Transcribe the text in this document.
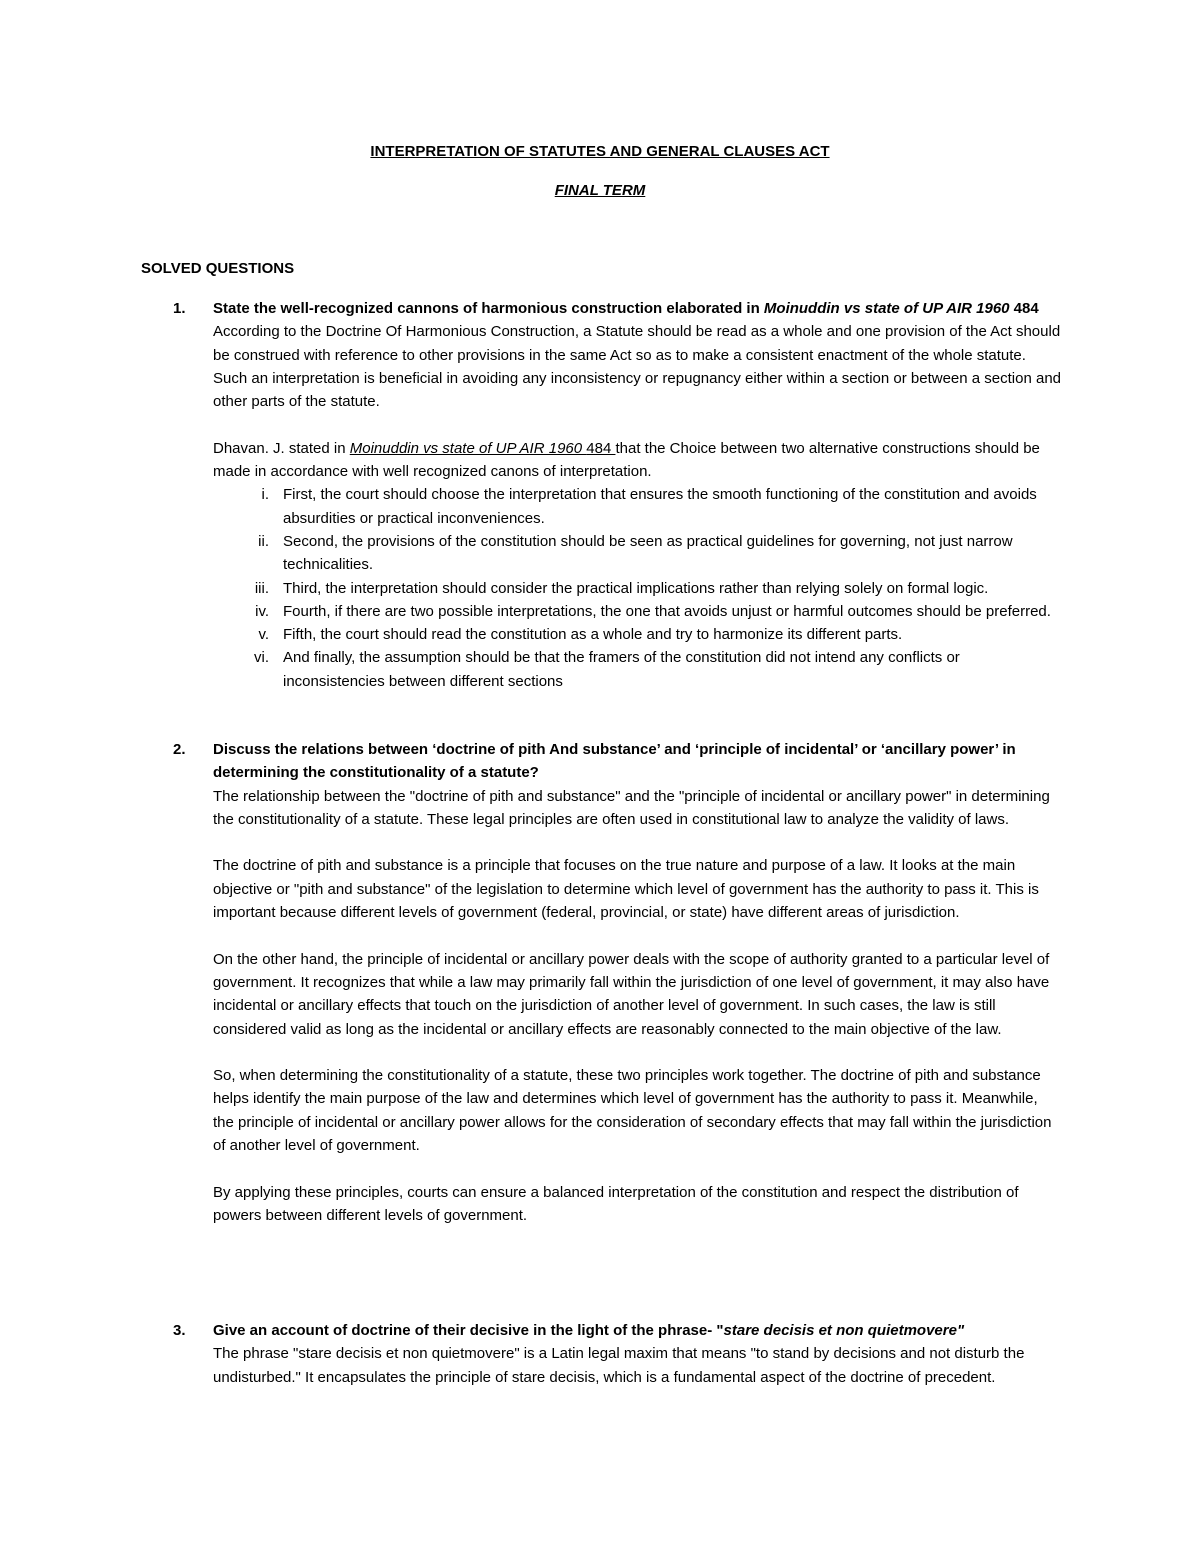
INTERPRETATION OF STATUTES AND GENERAL CLAUSES ACT
FINAL TERM
SOLVED QUESTIONS
1. State the well-recognized cannons of harmonious construction elaborated in Moinuddin vs state of UP AIR 1960 484

According to the Doctrine Of Harmonious Construction, a Statute should be read as a whole and one provision of the Act should be construed with reference to other provisions in the same Act so as to make a consistent enactment of the whole statute. Such an interpretation is beneficial in avoiding any inconsistency or repugnancy either within a section or between a section and other parts of the statute.

Dhavan. J. stated in Moinuddin vs state of UP AIR 1960 484 that the Choice between two alternative constructions should be made in accordance with well recognized canons of interpretation.

i. First, the court should choose the interpretation that ensures the smooth functioning of the constitution and avoids absurdities or practical inconveniences.
ii. Second, the provisions of the constitution should be seen as practical guidelines for governing, not just narrow technicalities.
iii. Third, the interpretation should consider the practical implications rather than relying solely on formal logic.
iv. Fourth, if there are two possible interpretations, the one that avoids unjust or harmful outcomes should be preferred.
v. Fifth, the court should read the constitution as a whole and try to harmonize its different parts.
vi. And finally, the assumption should be that the framers of the constitution did not intend any conflicts or inconsistencies between different sections
2. Discuss the relations between ‘doctrine of pith And substance’ and ‘principle of incidental’ or ‘ancillary power’ in determining the constitutionality of a statute?

The relationship between the "doctrine of pith and substance" and the "principle of incidental or ancillary power" in determining the constitutionality of a statute. These legal principles are often used in constitutional law to analyze the validity of laws.

The doctrine of pith and substance is a principle that focuses on the true nature and purpose of a law. It looks at the main objective or "pith and substance" of the legislation to determine which level of government has the authority to pass it. This is important because different levels of government (federal, provincial, or state) have different areas of jurisdiction.

On the other hand, the principle of incidental or ancillary power deals with the scope of authority granted to a particular level of government. It recognizes that while a law may primarily fall within the jurisdiction of one level of government, it may also have incidental or ancillary effects that touch on the jurisdiction of another level of government. In such cases, the law is still considered valid as long as the incidental or ancillary effects are reasonably connected to the main objective of the law.

So, when determining the constitutionality of a statute, these two principles work together. The doctrine of pith and substance helps identify the main purpose of the law and determines which level of government has the authority to pass it. Meanwhile, the principle of incidental or ancillary power allows for the consideration of secondary effects that may fall within the jurisdiction of another level of government.

By applying these principles, courts can ensure a balanced interpretation of the constitution and respect the distribution of powers between different levels of government.

3. Give an account of doctrine of their decisive in the light of the phrase- "stare decisis et non quietmovere"

The phrase "stare decisis et non quietmovere" is a Latin legal maxim that means "to stand by decisions and not disturb the undisturbed." It encapsulates the principle of stare decisis, which is a fundamental aspect of the doctrine of precedent.
